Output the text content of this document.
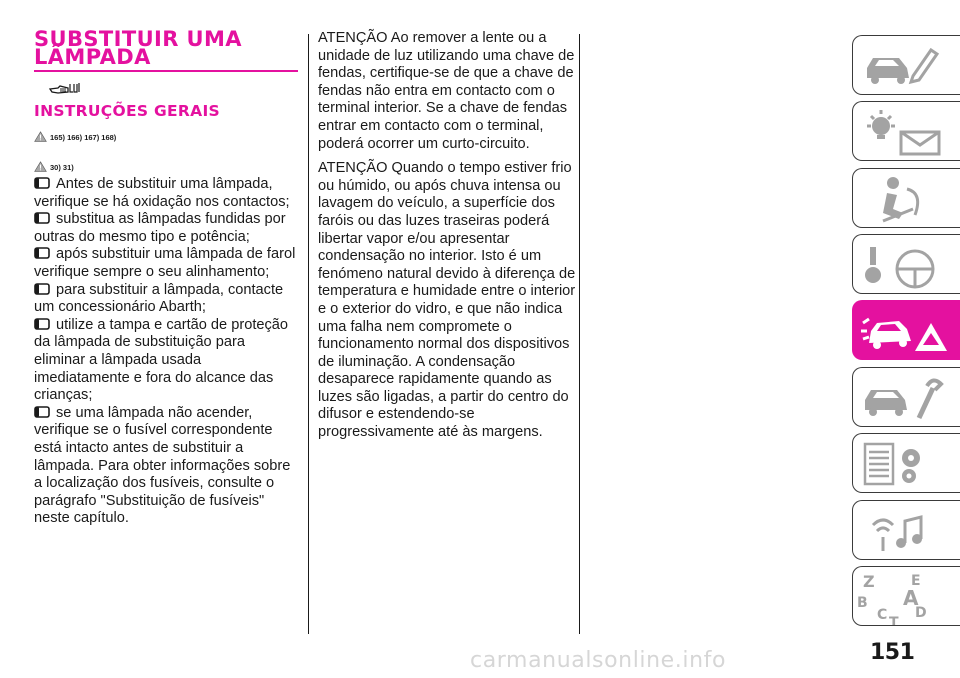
SUBSTITUIR UMA
LÂMPADA
INSTRUÇÕES GERAIS
165) 166) 167) 168)
30) 31)

Antes de substituir uma lâmpada, verifique se há oxidação nos contactos;

substitua as lâmpadas fundidas por outras do mesmo tipo e potência;

após substituir uma lâmpada de farol verifique sempre o seu alinhamento;

para substituir a lâmpada, contacte um concessionário Abarth;

utilize a tampa e cartão de proteção da lâmpada de substituição para eliminar a lâmpada usada imediatamente e fora do alcance das crianças;

se uma lâmpada não acender, verifique se o fusível correspondente está intacto antes de substituir a lâmpada. Para obter informações sobre a localização dos fusíveis, consulte o parágrafo "Substituição de fusíveis" neste capítulo.

ATENÇÃO Ao remover a lente ou a unidade de luz utilizando uma chave de fendas, certifique-se de que a chave de fendas não entra em contacto com o terminal interior. Se a chave de fendas entrar em contacto com o terminal, poderá ocorrer um curto-circuito.

ATENÇÃO Quando o tempo estiver frio ou húmido, ou após chuva intensa ou lavagem do veículo, a superfície dos faróis ou das luzes traseiras poderá libertar vapor e/ou apresentar condensação no interior. Isto é um fenómeno natural devido à diferença de temperatura e humidade entre o interior e o exterior do vidro, e que não indica uma falha nem compromete o funcionamento normal dos dispositivos de iluminação. A condensação desaparece rapidamente quando as luzes são ligadas, a partir do centro do difusor e estendendo-se progressivamente até às margens.

Z	E
B A
C D
T
carmanualsonline.info	151
